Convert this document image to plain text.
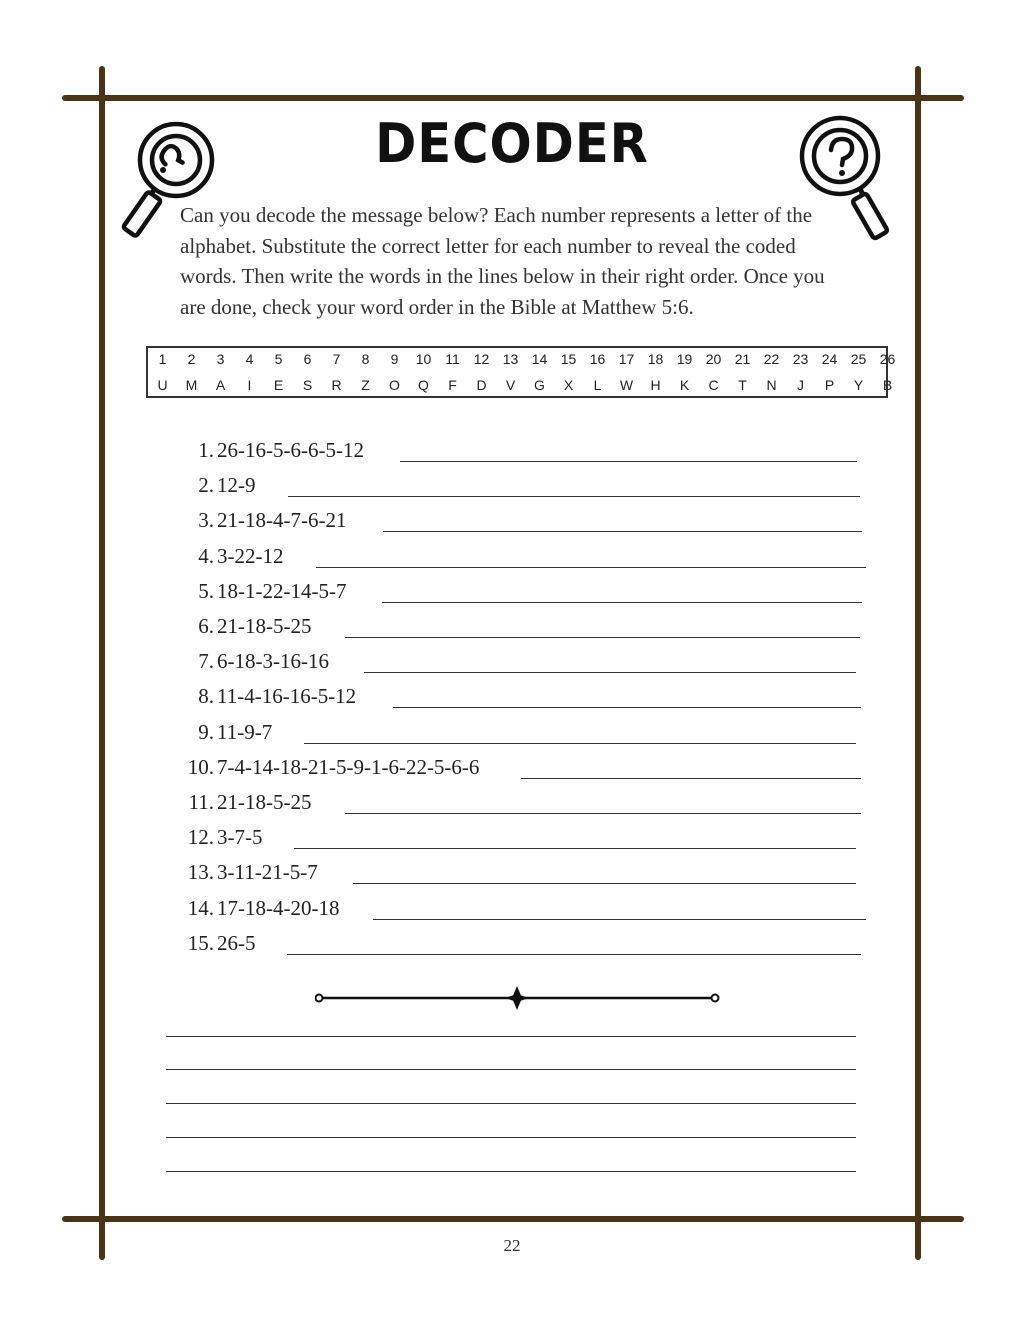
DECODER
Can you decode the message below? Each number represents a letter of the alphabet. Substitute the correct letter for each number to reveal the coded words. Then write the words in the lines below in their right order. Once you are done, check your word order in the Bible at Matthew 5:6.
1	2	3	4	5	6	7	8	9	10 11 12 13 14 15 16 17 18 19 20 21 22 23 24 25 26
U	M	A	I	E	S	R	Z	O	Q	F	D	V	G	X	L	W	H	K	C	T	N	J	P	Y	B
1. 26-16-5-6-6-5-12
2. 12-9
3. 21-18-4-7-6-21
4. 3-22-12
5. 18-1-22-14-5-7
6. 21-18-5-25
7. 6-18-3-16-16
8. 11-4-16-16-5-12
9. 11-9-7
10. 7-4-14-18-21-5-9-1-6-22-5-6-6
11. 21-18-5-25
12. 3-7-5
13. 3-11-21-5-7
14. 17-18-4-20-18
15. 26-5
22
